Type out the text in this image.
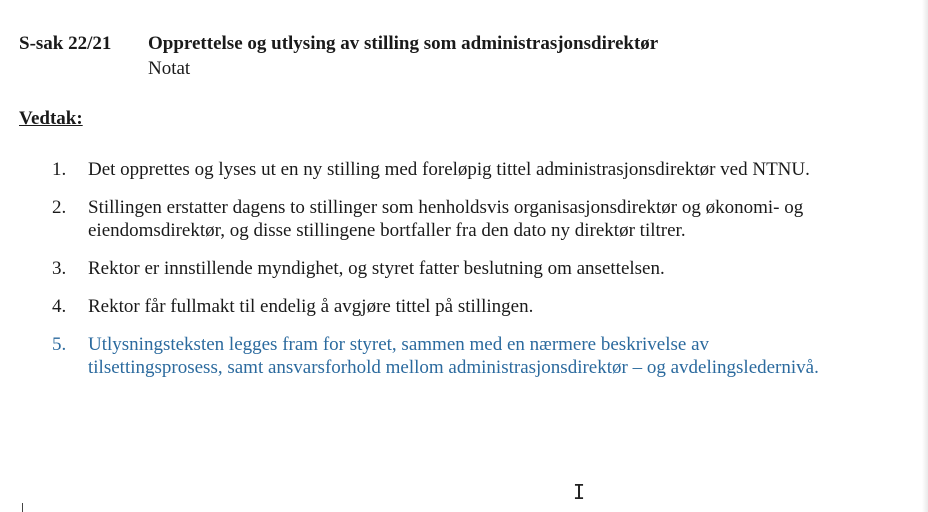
S-sak 22/21 Opprettelse og utlysing av stilling som administrasjonsdirektør
Notat
Vedtak:
1. Det opprettes og lyses ut en ny stilling med foreløpig tittel administrasjonsdirektør ved NTNU.
2. Stillingen erstatter dagens to stillinger som henholdsvis organisasjonsdirektør og økonomi- og eiendomsdirektør, og disse stillingene bortfaller fra den dato ny direktør tiltrer.
3. Rektor er innstillende myndighet, og styret fatter beslutning om ansettelsen.
4. Rektor får fullmakt til endelig å avgjøre tittel på stillingen.
5. Utlysningsteksten legges fram for styret, sammen med en nærmere beskrivelse av tilsettingsprosess, samt ansvarsforhold mellom administrasjonsdirektør – og avdelingsledernivå.
I
